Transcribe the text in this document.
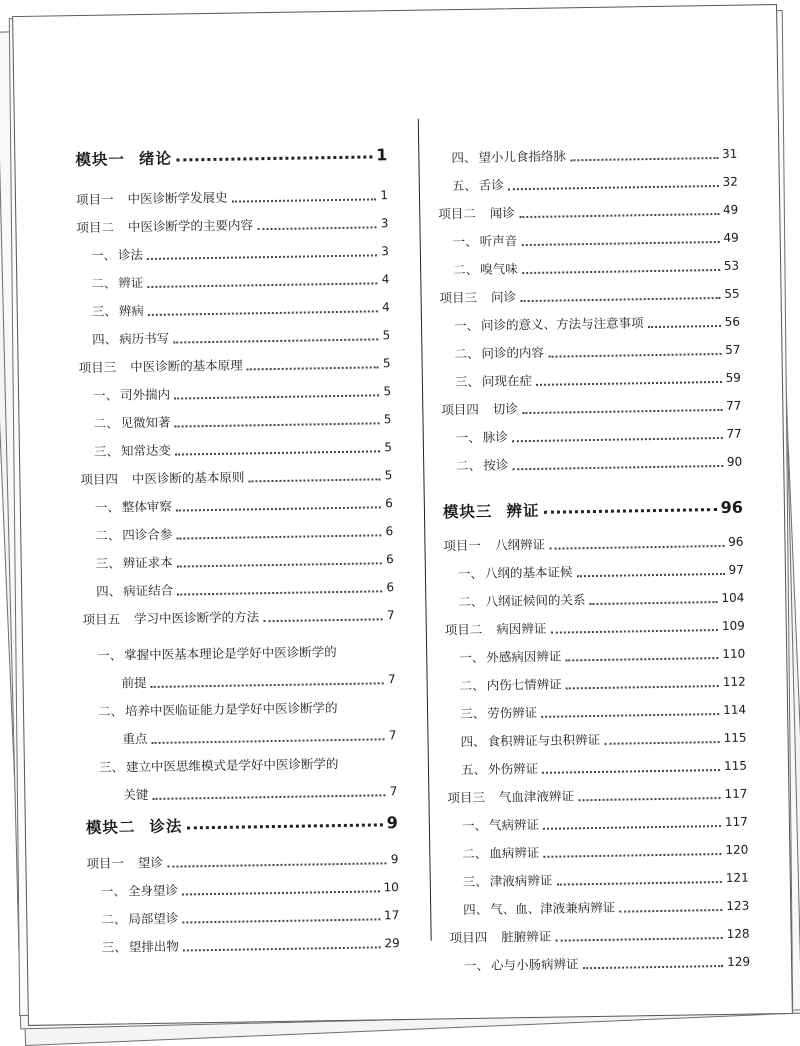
模块一 绪论	1
项目一 中医诊断学发展史	1
项目二 中医诊断学的主要内容	3
一、 诊法	3
二、 辨证	4
三、 辨病	4
四、 病历书写	5
项目三 中医诊断的基本原理	5
一、 司外揣内	5
二、 见微知著	5
三、 知常达变	5
项目四 中医诊断的基本原则	5
一、 整体审察	6
二、 四诊合参	6
三、 辨证求本	6
四、 病证结合	6
项目五 学习中医诊断学的方法	7
一、 掌握中医基本理论是学好中医诊断学的
前提	7
二、 培养中医临证能力是学好中医诊断学的
重点	7
三、 建立中医思维模式是学好中医诊断学的
关键	7
模块二 诊法	9
项目一 望诊	9
一、 全身望诊	10
二、 局部望诊	17
三、 望排出物	29
四、 望小儿食指络脉	31
五、 舌诊	32
项目二 闻诊	49
一、 听声音	49
二、 嗅气味	53
项目三 问诊	55
一、 问诊的意义、方法与注意事项	56
二、 问诊的内容	57
三、 问现在症	59
项目四 切诊	77
一、 脉诊	77
二、 按诊	90
模块三 辨证	96
项目一 八纲辨证	96
一、 八纲的基本证候	97
二、 八纲证候间的关系	104
项目二 病因辨证	109
一、 外感病因辨证	110
二、 内伤七情辨证	112
三、 劳伤辨证	114
四、 食积辨证与虫积辨证	115
五、 外伤辨证	115
项目三 气血津液辨证	117
一、 气病辨证	117
二、 血病辨证	120
三、 津液病辨证	121
四、 气、血、津液兼病辨证	123
项目四 脏腑辨证	128
一、 心与小肠病辨证	129
